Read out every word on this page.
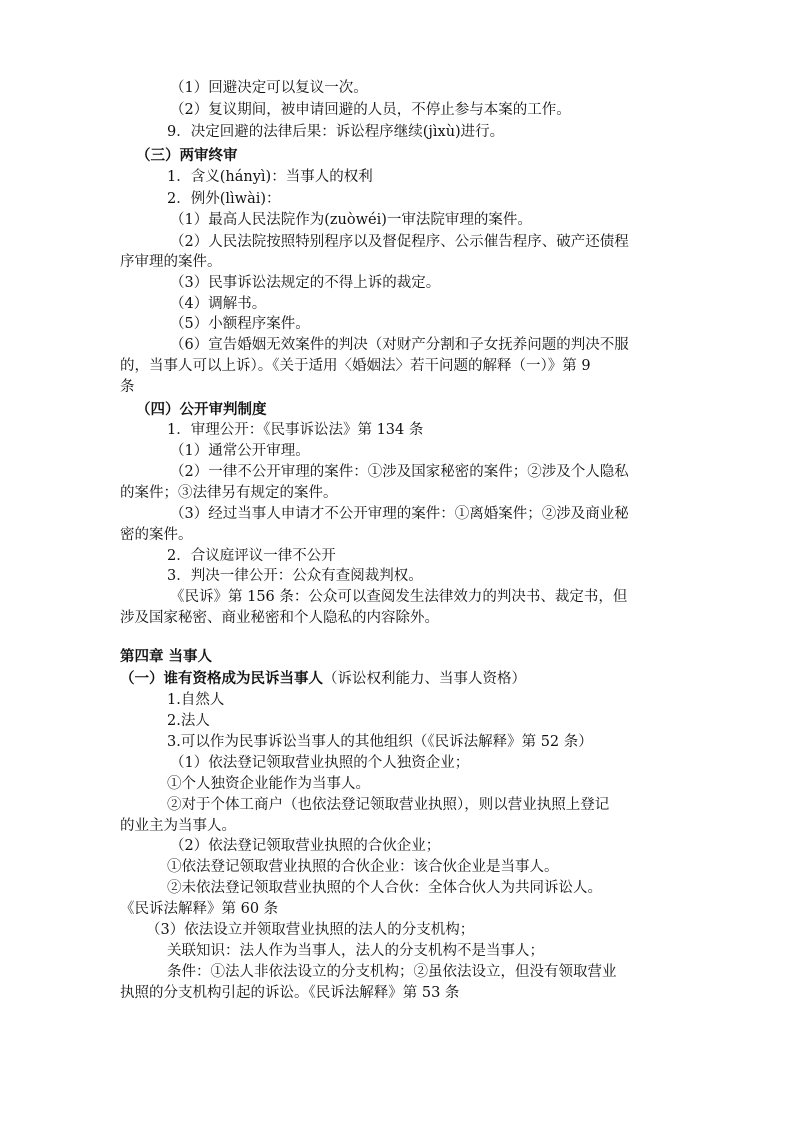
（1）回避决定可以复议一次。
（2）复议期间，被申请回避的人员，不停止参与本案的工作。
9．决定回避的法律后果：诉讼程序继续(jìxù)进行。
（三）两审终审
1．含义(hányì)：当事人的权利
2．例外(lìwài)：
（1）最高人民法院作为(zuòwéi)一审法院审理的案件。
（2）人民法院按照特别程序以及督促程序、公示催告程序、破产还债程
序审理的案件。
（3）民事诉讼法规定的不得上诉的裁定。
（4）调解书。
（5）小额程序案件。
（6）宣告婚姻无效案件的判决（对财产分割和子女抚养问题的判决不服
的，当事人可以上诉）。《关于适用〈婚姻法〉若干问题的解释（一）》第 9
条
（四）公开审判制度
1．审理公开：《民事诉讼法》第 134 条
（1）通常公开审理。
（2）一律不公开审理的案件：①涉及国家秘密的案件；②涉及个人隐私
的案件；③法律另有规定的案件。
（3）经过当事人申请才不公开审理的案件：①离婚案件；②涉及商业秘
密的案件。
2．合议庭评议一律不公开
3．判决一律公开：公众有查阅裁判权。
《民诉》第 156 条：公众可以查阅发生法律效力的判决书、裁定书，但
涉及国家秘密、商业秘密和个人隐私的内容除外。
第四章 当事人
（一）谁有资格成为民诉当事人（诉讼权利能力、当事人资格）
1.自然人
2.法人
3.可以作为民事诉讼当事人的其他组织（《民诉法解释》第 52 条）
（1）依法登记领取营业执照的个人独资企业；
①个人独资企业能作为当事人。
②对于个体工商户（也依法登记领取营业执照），则以营业执照上登记
的业主为当事人。
（2）依法登记领取营业执照的合伙企业；
①依法登记领取营业执照的合伙企业：该合伙企业是当事人。
②未依法登记领取营业执照的个人合伙：全体合伙人为共同诉讼人。
《民诉法解释》第 60 条
（3）依法设立并领取营业执照的法人的分支机构；
关联知识：法人作为当事人，法人的分支机构不是当事人；
条件：①法人非依法设立的分支机构；②虽依法设立，但没有领取营业
执照的分支机构引起的诉讼。《民诉法解释》第 53 条
